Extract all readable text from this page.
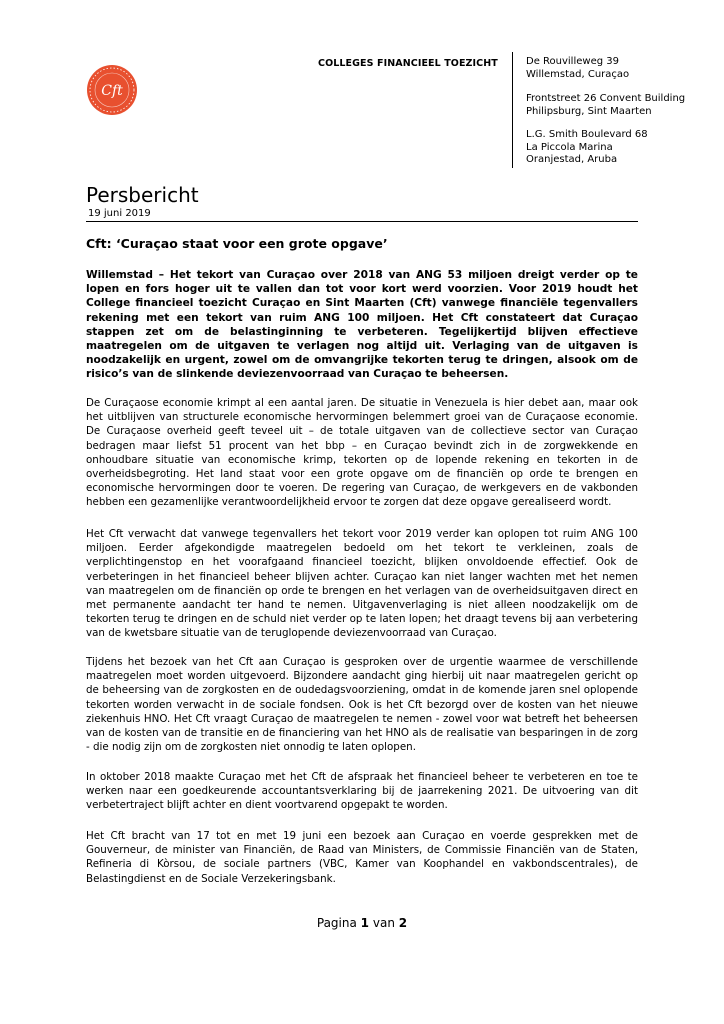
Cft
COLLEGES FINANCIEEL TOEZICHT	De Rouvilleweg 39
Willemstad, Curaçao
Frontstreet 26 Convent Building
Philipsburg, Sint Maarten
L.G. Smith Boulevard 68
La Piccola Marina
Oranjestad, Aruba
Persbericht
19 juni 2019
Cft: ‘Curaçao staat voor een grote opgave’
Willemstad – Het tekort van Curaçao over 2018 van ANG 53 miljoen dreigt verder op te lopen en fors hoger uit te vallen dan tot voor kort werd voorzien. Voor 2019 houdt het College financieel toezicht Curaçao en Sint Maarten (Cft) vanwege financiële tegenvallers rekening met een tekort van ruim ANG 100 miljoen. Het Cft constateert dat Curaçao stappen zet om de belastinginning te verbeteren. Tegelijkertijd blijven effectieve maatregelen om de uitgaven te verlagen nog altijd uit. Verlaging van de uitgaven is noodzakelijk en urgent, zowel om de omvangrijke tekorten terug te dringen, alsook om de risico’s van de slinkende deviezenvoorraad van Curaçao te beheersen.
De Curaçaose economie krimpt al een aantal jaren. De situatie in Venezuela is hier debet aan, maar ook het uitblijven van structurele economische hervormingen belemmert groei van de Curaçaose economie. De Curaçaose overheid geeft teveel uit – de totale uitgaven van de collectieve sector van Curaçao bedragen maar liefst 51 procent van het bbp – en Curaçao bevindt zich in de zorgwekkende en onhoudbare situatie van economische krimp, tekorten op de lopende rekening en tekorten in de overheidsbegroting. Het land staat voor een grote opgave om de financiën op orde te brengen en economische hervormingen door te voeren. De regering van Curaçao, de werkgevers en de vakbonden hebben een gezamenlijke verantwoordelijkheid ervoor te zorgen dat deze opgave gerealiseerd wordt.
Het Cft verwacht dat vanwege tegenvallers het tekort voor 2019 verder kan oplopen tot ruim ANG 100 miljoen. Eerder afgekondigde maatregelen bedoeld om het tekort te verkleinen, zoals de verplichtingenstop en het voorafgaand financieel toezicht, blijken onvoldoende effectief. Ook de verbeteringen in het financieel beheer blijven achter. Curaçao kan niet langer wachten met het nemen van maatregelen om de financiën op orde te brengen en het verlagen van de overheidsuitgaven direct en met permanente aandacht ter hand te nemen. Uitgavenverlaging is niet alleen noodzakelijk om de tekorten terug te dringen en de schuld niet verder op te laten lopen; het draagt tevens bij aan verbetering van de kwetsbare situatie van de teruglopende deviezenvoorraad van Curaçao.
Tijdens het bezoek van het Cft aan Curaçao is gesproken over de urgentie waarmee de verschillende maatregelen moet worden uitgevoerd. Bijzondere aandacht ging hierbij uit naar maatregelen gericht op de beheersing van de zorgkosten en de oudedagsvoorziening, omdat in de komende jaren snel oplopende tekorten worden verwacht in de sociale fondsen. Ook is het Cft bezorgd over de kosten van het nieuwe ziekenhuis HNO. Het Cft vraagt Curaçao de maatregelen te nemen - zowel voor wat betreft het beheersen van de kosten van de transitie en de financiering van het HNO als de realisatie van besparingen in de zorg - die nodig zijn om de zorgkosten niet onnodig te laten oplopen.
In oktober 2018 maakte Curaçao met het Cft de afspraak het financieel beheer te verbeteren en toe te werken naar een goedkeurende accountantsverklaring bij de jaarrekening 2021. De uitvoering van dit verbetertraject blijft achter en dient voortvarend opgepakt te worden.
Het Cft bracht van 17 tot en met 19 juni een bezoek aan Curaçao en voerde gesprekken met de Gouverneur, de minister van Financiën, de Raad van Ministers, de Commissie Financiën van de Staten, Refineria di Kòrsou, de sociale partners (VBC, Kamer van Koophandel en vakbondscentrales), de Belastingdienst en de Sociale Verzekeringsbank.
Pagina 1 van 2
